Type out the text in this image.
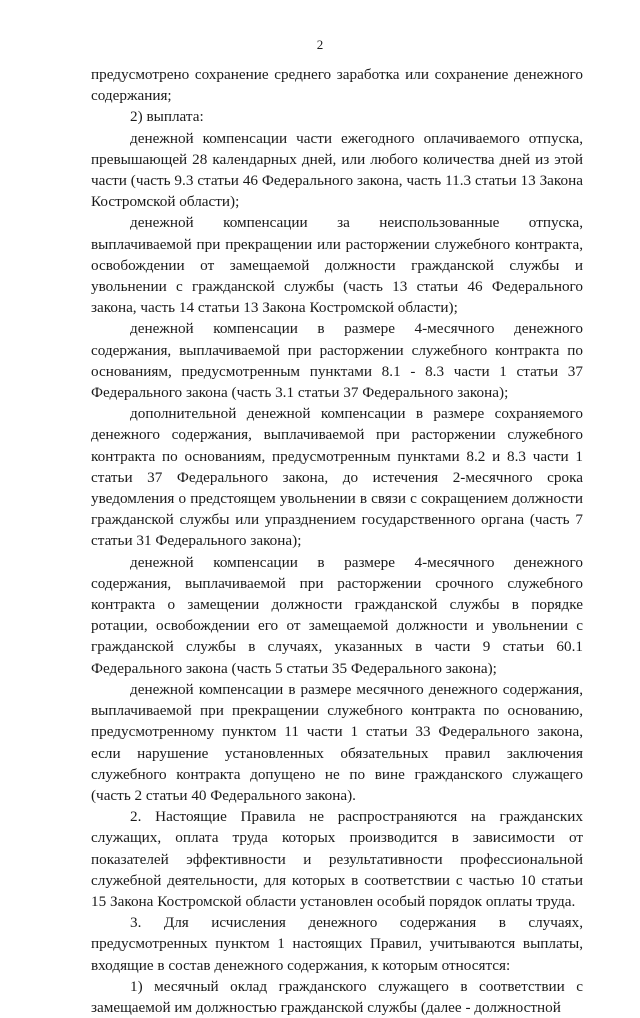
2

предусмотрено сохранение среднего заработка или сохранение денежного содержания;

2) выплата:

денежной компенсации части ежегодного оплачиваемого отпуска, превышающей 28 календарных дней, или любого количества дней из этой части (часть 9.3 статьи 46 Федерального закона, часть 11.3 статьи 13 Закона Костромской области);

денежной компенсации за неиспользованные отпуска, выплачиваемой при прекращении или расторжении служебного контракта, освобождении от замещаемой должности гражданской службы и увольнении с гражданской службы (часть 13 статьи 46 Федерального закона, часть 14 статьи 13 Закона Костромской области);

денежной компенсации в размере 4-месячного денежного содержания, выплачиваемой при расторжении служебного контракта по основаниям, предусмотренным пунктами 8.1 - 8.3 части 1 статьи 37 Федерального закона (часть 3.1 статьи 37 Федерального закона);

дополнительной денежной компенсации в размере сохраняемого денежного содержания, выплачиваемой при расторжении служебного контракта по основаниям, предусмотренным пунктами 8.2 и 8.3 части 1 статьи 37 Федерального закона, до истечения 2-месячного срока уведомления о предстоящем увольнении в связи с сокращением должности гражданской службы или упразднением государственного органа (часть 7 статьи 31 Федерального закона);

денежной компенсации в размере 4-месячного денежного содержания, выплачиваемой при расторжении срочного служебного контракта о замещении должности гражданской службы в порядке ротации, освобождении его от замещаемой должности и увольнении с гражданской службы в случаях, указанных в части 9 статьи 60.1 Федерального закона (часть 5 статьи 35 Федерального закона);

денежной компенсации в размере месячного денежного содержания, выплачиваемой при прекращении служебного контракта по основанию, предусмотренному пунктом 11 части 1 статьи 33 Федерального закона, если нарушение установленных обязательных правил заключения служебного контракта допущено не по вине гражданского служащего (часть 2 статьи 40 Федерального закона).

2. Настоящие Правила не распространяются на гражданских служащих, оплата труда которых производится в зависимости от показателей эффективности и результативности профессиональной служебной деятельности, для которых в соответствии с частью 10 статьи 15 Закона Костромской области установлен особый порядок оплаты труда.

3. Для исчисления денежного содержания в случаях, предусмотренных пунктом 1 настоящих Правил, учитываются выплаты, входящие в состав денежного содержания, к которым относятся:

1) месячный оклад гражданского служащего в соответствии с замещаемой им должностью гражданской службы (далее - должностной
